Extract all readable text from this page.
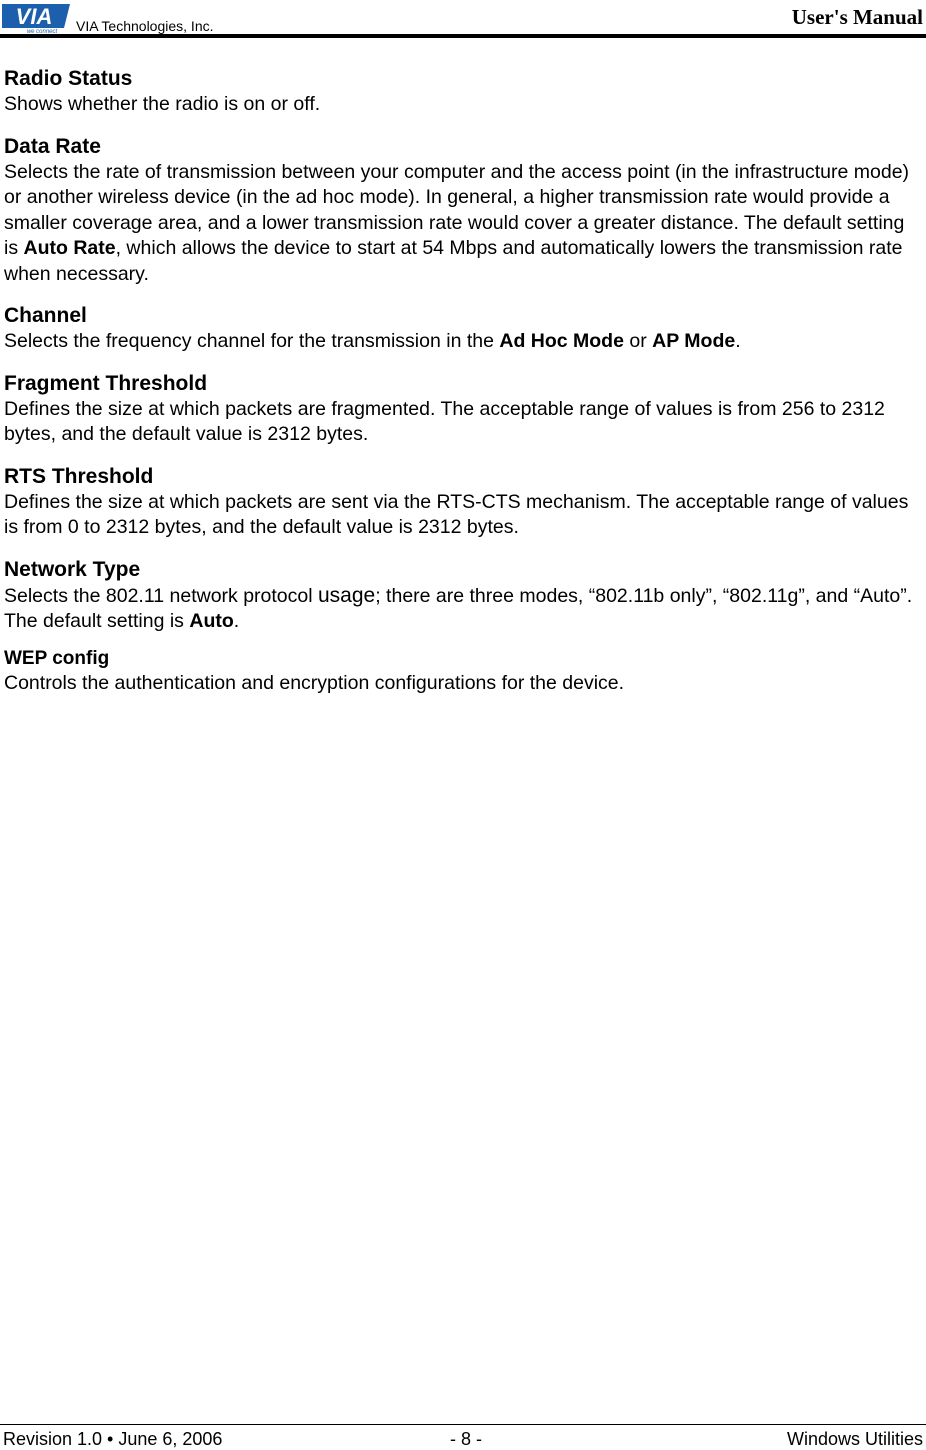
VIA
we connect VIA Technologies, Inc.	User's Manual
Radio Status

Shows whether the radio is on or off.

Data Rate

Selects the rate of transmission between your computer and the access point (in the infrastructure mode) or another wireless device (in the ad hoc mode). In general, a higher transmission rate would provide a smaller coverage area, and a lower transmission rate would cover a greater distance. The default setting is Auto Rate, which allows the device to start at 54 Mbps and automatically lowers the transmission rate when necessary.

Channel

Selects the frequency channel for the transmission in the Ad Hoc Mode or AP Mode.

Fragment Threshold

Defines the size at which packets are fragmented. The acceptable range of values is from 256 to 2312 bytes, and the default value is 2312 bytes.

RTS Threshold

Defines the size at which packets are sent via the RTS-CTS mechanism. The acceptable range of values is from 0 to 2312 bytes, and the default value is 2312 bytes.

Network Type

Selects the 802.11 network protocol usage; there are three modes, “802.11b only”, “802.11g”, and “Auto”. The default setting is Auto.

WEP config

Controls the authentication and encryption configurations for the device.

Revision 1.0 • June 6, 2006	- 8 -	Windows Utilities
